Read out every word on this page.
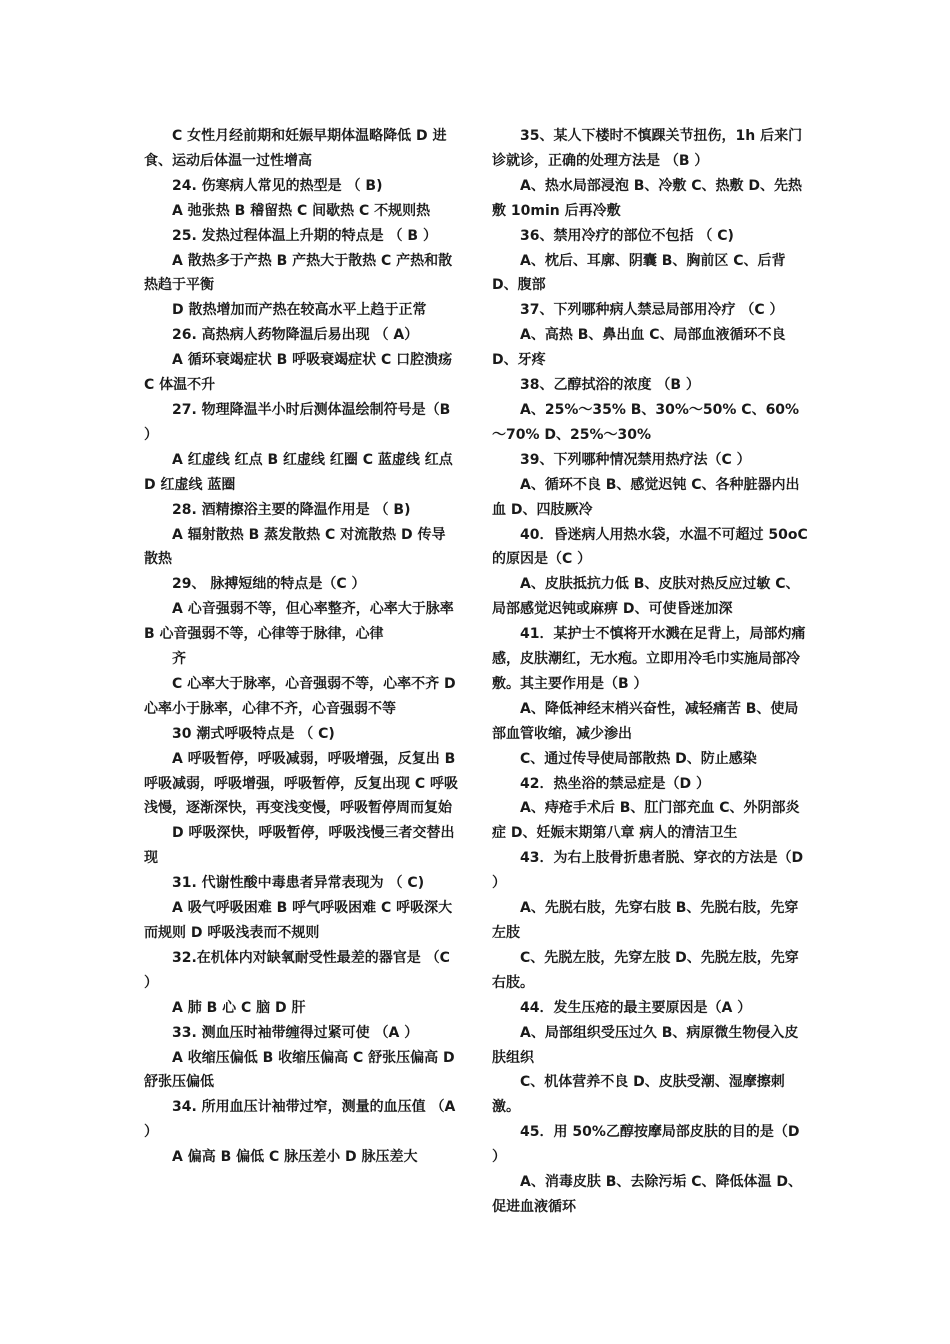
C 女性月经前期和妊娠早期体温略降低 D 进食、运动后体温一过性增高

24. 伤寒病人常见的热型是 （ B)

A 弛张热 B 稽留热 C 间歇热 C 不规则热

25. 发热过程体温上升期的特点是 （ B ）

A 散热多于产热 B 产热大于散热 C 产热和散热趋于平衡

D 散热增加而产热在较高水平上趋于正常

26. 高热病人药物降温后易出现 （ A）

A 循环衰竭症状 B 呼吸衰竭症状 C 口腔溃疡 C 体温不升

27. 物理降温半小时后测体温绘制符号是（B ）

A 红虚线 红点 B 红虚线 红圈 C 蓝虚线 红点 D 红虚线 蓝圈

28. 酒精擦浴主要的降温作用是 （ B)

A 辐射散热 B 蒸发散热 C 对流散热 D 传导散热

29、 脉搏短绌的特点是（C ）

A 心音强弱不等，但心率整齐，心率大于脉率 B 心音强弱不等，心律等于脉律，心律

齐

C 心率大于脉率，心音强弱不等，心率不齐 D 心率小于脉率，心律不齐，心音强弱不等

30 潮式呼吸特点是 （ C)

A 呼吸暂停，呼吸减弱，呼吸增强，反复出 B 呼吸减弱，呼吸增强，呼吸暂停，反复出现 C 呼吸浅慢，逐渐深快，再变浅变慢，呼吸暂停周而复始

D 呼吸深快，呼吸暂停，呼吸浅慢三者交替出现

31. 代谢性酸中毒患者异常表现为 （ C)

A 吸气呼吸困难 B 呼气呼吸困难 C 呼吸深大而规则 D 呼吸浅表而不规则

32.在机体内对缺氧耐受性最差的器官是 （C ）

A 肺 B 心 C 脑 D 肝

33. 测血压时袖带缠得过紧可使 （A ）

A 收缩压偏低 B 收缩压偏高 C 舒张压偏高 D 舒张压偏低

34. 所用血压计袖带过窄，测量的血压值 （A ）

A 偏高 B 偏低 C 脉压差小 D 脉压差大

35、某人下楼时不慎踝关节扭伤，1h 后来门诊就诊，正确的处理方法是 （B ）

A、热水局部浸泡 B、冷敷 C、热敷 D、先热敷 10min 后再冷敷

36、禁用冷疗的部位不包括 （ C)

A、枕后、耳廓、阴囊 B、胸前区 C、后背 D、腹部

37、下列哪种病人禁忌局部用冷疗 （C ）

A、高热 B、鼻出血 C、局部血液循环不良 D、牙疼

38、乙醇拭浴的浓度 （B ）

A、25%～35% B、30%～50% C、60%～70% D、25%～30%

39、下列哪种情况禁用热疗法（C ）

A、循环不良 B、感觉迟钝 C、各种脏器内出血 D、四肢厥冷

40．昏迷病人用热水袋，水温不可超过 50oC 的原因是（C ）

A、皮肤抵抗力低 B、皮肤对热反应过敏 C、局部感觉迟钝或麻痹 D、可使昏迷加深

41．某护士不慎将开水溅在足背上，局部灼痛感，皮肤潮红，无水疱。立即用冷毛巾实施局部冷敷。其主要作用是（B ）

A、降低神经末梢兴奋性，减轻痛苦 B、使局部血管收缩，减少渗出

C、通过传导使局部散热 D、防止感染

42．热坐浴的禁忌症是（D ）

A、痔疮手术后 B、肛门部充血 C、外阴部炎症 D、妊娠末期第八章 病人的清洁卫生

43．为右上肢骨折患者脱、穿衣的方法是（D ）

A、先脱右肢，先穿右肢 B、先脱右肢，先穿左肢

C、先脱左肢，先穿左肢 D、先脱左肢，先穿右肢。

44．发生压疮的最主要原因是（A ）

A、局部组织受压过久 B、病原微生物侵入皮肤组织

C、机体营养不良 D、皮肤受潮、湿摩擦刺激。

45．用 50%乙醇按摩局部皮肤的目的是（D ）

A、消毒皮肤 B、去除污垢 C、降低体温 D、促进血液循环
